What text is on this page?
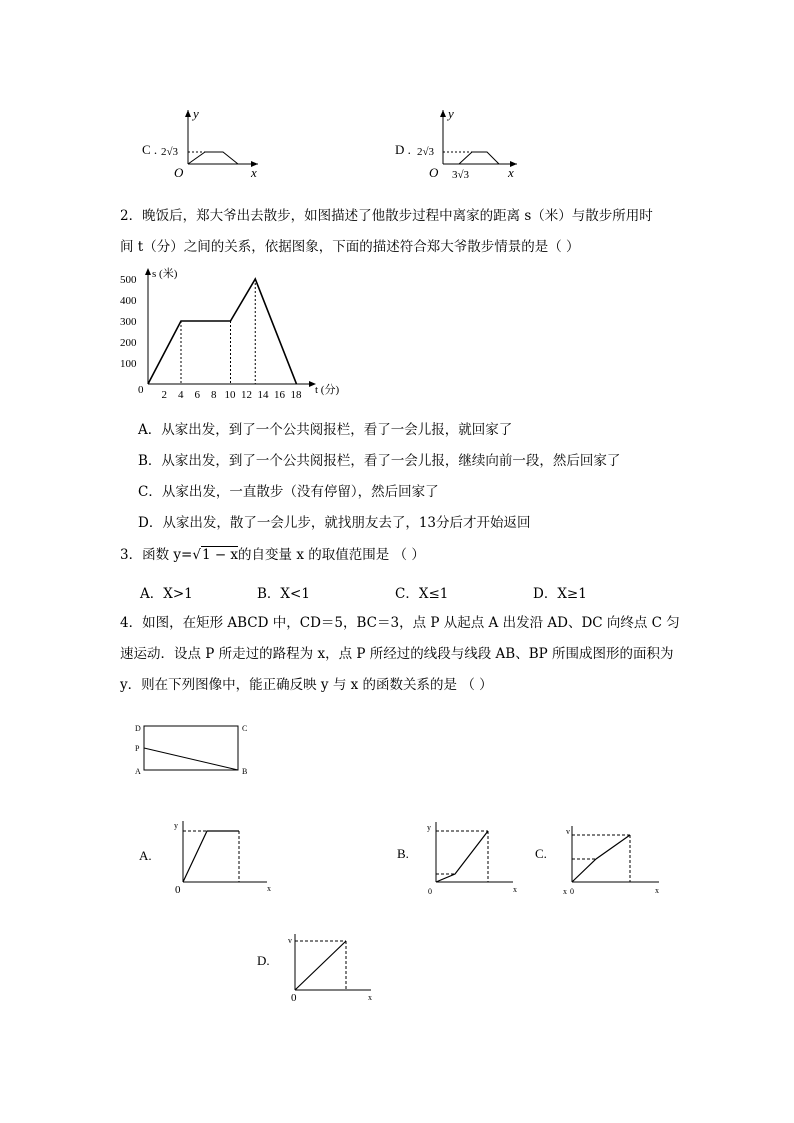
C .
y
x
O
2√3	D .
y
x
O
2√3
3√3
2．晚饭后，郑大爷出去散步，如图描述了他散步过程中离家的距离 s（米）与散步所用时
间 t（分）之间的关系，依据图象，下面的描述符合郑大爷散步情景的是（ ）
s (米)
t (分)
0
100
200
300
400
500
2 4 6 8 10 12 14 16 18
A．从家出发，到了一个公共阅报栏，看了一会儿报，就回家了
B．从家出发，到了一个公共阅报栏，看了一会儿报，继续向前一段，然后回家了
C．从家出发，一直散步（没有停留），然后回家了
D．从家出发，散了一会儿步，就找朋友去了，13分后才开始返回
3．函数 y=√1 − x的自变量 x 的取值范围是 （ ）
A．X>1	B．X<1	C．X≤1	D．X≥1
4．如图，在矩形 ABCD 中，CD＝5，BC＝3，点 P 从起点 A 出发沿 AD、DC 向终点 C 匀
速运动．设点 P 所走过的路程为 x，点 P 所经过的线段与线段 AB、BP 所围成图形的面积为
y．则在下列图像中，能正确反映 y 与 x 的函数关系的是 （ ）
D	C
P
A	B
A.
y
0	x
B.
y
0	x
C.
v
x 0	x
D.
v
0	x
